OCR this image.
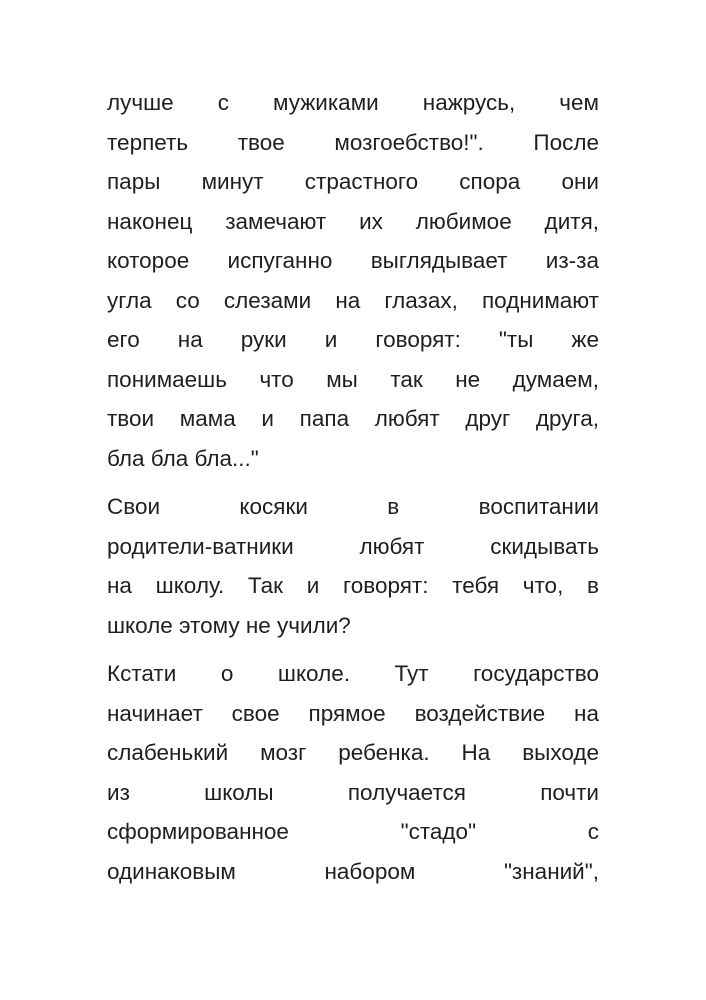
лучше с мужиками нажрусь, чем
терпеть твое мозгоебство!". После
пары минут страстного спора они
наконец замечают их любимое дитя,
которое испуганно выглядывает из-за
угла со слезами на глазах, поднимают
его на руки и говорят: "ты же
понимаешь что мы так не думаем,
твои мама и папа любят друг друга,
бла бла бла..."
Свои косяки в воспитании
родители-ватники любят скидывать
на школу. Так и говорят: тебя что, в
школе этому не учили?
Кстати о школе. Тут государство
начинает свое прямое воздействие на
слабенький мозг ребенка. На выходе
из школы получается почти
сформированное "стадо" с
одинаковым набором "знаний",
